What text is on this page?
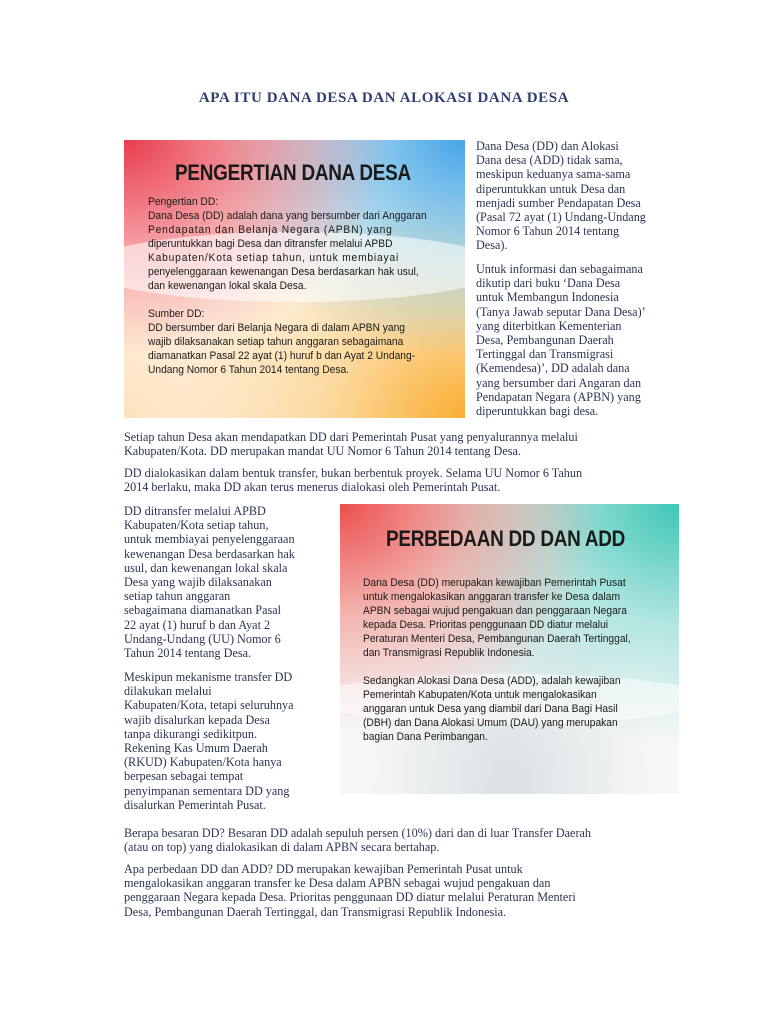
APA ITU DANA DESA DAN ALOKASI DANA DESA
PENGERTIAN DANA DESA

Pengertian DD:

Dana Desa (DD) adalah dana yang bersumber dari Anggaran

Pendapatan dan Belanja Negara (APBN) yang

diperuntukkan bagi Desa dan ditransfer melalui APBD

Kabupaten/Kota setiap tahun, untuk membiayai

penyelenggaraan kewenangan Desa berdasarkan hak usul,

dan kewenangan lokal skala Desa.

Sumber DD:

DD bersumber dari Belanja Negara di dalam APBN yang

wajib dilaksanakan setiap tahun anggaran sebagaimana

diamanatkan Pasal 22 ayat (1) huruf b dan Ayat 2 Undang-

Undang Nomor 6 Tahun 2014 tentang Desa.

Dana Desa (DD) dan Alokasi
Dana desa (ADD) tidak sama,
meskipun keduanya sama-sama
diperuntukkan untuk Desa dan
menjadi sumber Pendapatan Desa
(Pasal 72 ayat (1) Undang-Undang
Nomor 6 Tahun 2014 tentang
Desa).
Untuk informasi dan sebagaimana
dikutip dari buku ‘Dana Desa
untuk Membangun Indonesia
(Tanya Jawab seputar Dana Desa)’
yang diterbitkan Kementerian
Desa, Pembangunan Daerah
Tertinggal dan Transmigrasi
(Kemendesa)’, DD adalah dana
yang bersumber dari Angaran dan
Pendapatan Negara (APBN) yang
diperuntukkan bagi desa.
Setiap tahun Desa akan mendapatkan DD dari Pemerintah Pusat yang penyalurannya melalui
Kabupaten/Kota. DD merupakan mandat UU Nomor 6 Tahun 2014 tentang Desa.
DD dialokasikan dalam bentuk transfer, bukan berbentuk proyek. Selama UU Nomor 6 Tahun
2014 berlaku, maka DD akan terus menerus dialokasi oleh Pemerintah Pusat.
DD ditransfer melalui APBD
Kabupaten/Kota setiap tahun,
untuk membiayai penyelenggaraan
kewenangan Desa berdasarkan hak
usul, dan kewenangan lokal skala
Desa yang wajib dilaksanakan
setiap tahun anggaran
sebagaimana diamanatkan Pasal
22 ayat (1) huruf b dan Ayat 2
Undang-Undang (UU) Nomor 6
Tahun 2014 tentang Desa.
Meskipun mekanisme transfer DD
dilakukan melalui
Kabupaten/Kota, tetapi seluruhnya
wajib disalurkan kepada Desa
tanpa dikurangi sedikitpun.
Rekening Kas Umum Daerah
(RKUD) Kabupaten/Kota hanya
berpesan sebagai tempat
penyimpanan sementara DD yang
disalurkan Pemerintah Pusat.
PERBEDAAN DD DAN ADD

Dana Desa (DD) merupakan kewajiban Pemerintah Pusat

untuk mengalokasikan anggaran transfer ke Desa dalam

APBN sebagai wujud pengakuan dan penggaraan Negara

kepada Desa. Prioritas penggunaan DD diatur melalui

Peraturan Menteri Desa, Pembangunan Daerah Tertinggal,

dan Transmigrasi Republik Indonesia.

Sedangkan Alokasi Dana Desa (ADD), adalah kewajiban

Pemerintah Kabupaten/Kota untuk mengalokasikan

anggaran untuk Desa yang diambil dari Dana Bagi Hasil

(DBH) dan Dana Alokasi Umum (DAU) yang merupakan

bagian Dana Perimbangan.

Berapa besaran DD? Besaran DD adalah sepuluh persen (10%) dari dan di luar Transfer Daerah
(atau on top) yang dialokasikan di dalam APBN secara bertahap.
Apa perbedaan DD dan ADD? DD merupakan kewajiban Pemerintah Pusat untuk
mengalokasikan anggaran transfer ke Desa dalam APBN sebagai wujud pengakuan dan
penggaraan Negara kepada Desa. Prioritas penggunaan DD diatur melalui Peraturan Menteri
Desa, Pembangunan Daerah Tertinggal, dan Transmigrasi Republik Indonesia.
